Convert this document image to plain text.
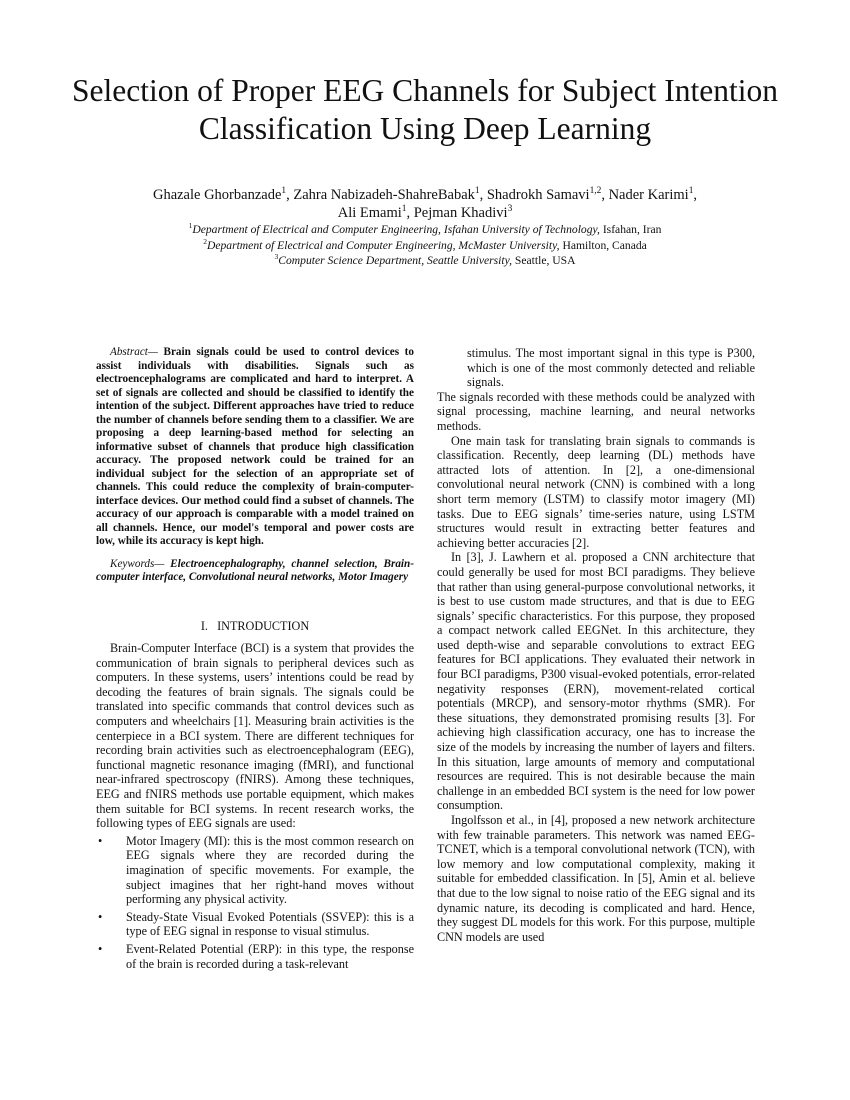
Selection of Proper EEG Channels for Subject Intention Classification Using Deep Learning
Ghazale Ghorbanzade$^1$, Zahra Nabizadeh-ShahreBabak$^1$, Shadrokh Samavi$^{1,2}$, Nader Karimi$^1$,
Ali Emami$^1$, Pejman Khadivi$^3$
$^1$Department of Electrical and Computer Engineering, Isfahan University of Technology, Isfahan, Iran
$^2$Department of Electrical and Computer Engineering, McMaster University, Hamilton, Canada
$^3$Computer Science Department, Seattle University, Seattle, USA

Abstract— Brain signals could be used to control devices to assist individuals with disabilities. Signals such as electroencephalograms are complicated and hard to interpret. A set of signals are collected and should be classified to identify the intention of the subject. Different approaches have tried to reduce the number of channels before sending them to a classifier. We are proposing a deep learning-based method for selecting an informative subset of channels that produce high classification accuracy. The proposed network could be trained for an individual subject for the selection of an appropriate set of channels. This could reduce the complexity of brain-computer-interface devices. Our method could find a subset of channels. The accuracy of our approach is comparable with a model trained on all channels. Hence, our model's temporal and power costs are low, while its accuracy is kept high.

Keywords— Electroencephalography, channel selection, Brain-computer interface, Convolutional neural networks, Motor Imagery

I. INTRODUCTION

Brain-Computer Interface (BCI) is a system that provides the communication of brain signals to peripheral devices such as computers. In these systems, users’ intentions could be read by decoding the features of brain signals. The signals could be translated into specific commands that control devices such as computers and wheelchairs [1]. Measuring brain activities is the centerpiece in a BCI system. There are different techniques for recording brain activities such as electroencephalogram (EEG), functional magnetic resonance imaging (fMRI), and functional near-infrared spectroscopy (fNIRS). Among these techniques, EEG and fNIRS methods use portable equipment, which makes them suitable for BCI systems. In recent research works, the following types of EEG signals are used:

• Motor Imagery (MI): this is the most common research on EEG signals where they are recorded during the imagination of specific movements. For example, the subject imagines that her right-hand moves without performing any physical activity.
• Steady-State Visual Evoked Potentials (SSVEP): this is a type of EEG signal in response to visual stimulus.
• Event-Related Potential (ERP): in this type, the response of the brain is recorded during a task-relevant

stimulus. The most important signal in this type is P300, which is one of the most commonly detected and reliable signals.

The signals recorded with these methods could be analyzed with signal processing, machine learning, and neural networks methods.

One main task for translating brain signals to commands is classification. Recently, deep learning (DL) methods have attracted lots of attention. In [2], a one-dimensional convolutional neural network (CNN) is combined with a long short term memory (LSTM) to classify motor imagery (MI) tasks. Due to EEG signals’ time-series nature, using LSTM structures would result in extracting better features and achieving better accuracies [2].

In [3], J. Lawhern et al. proposed a CNN architecture that could generally be used for most BCI paradigms. They believe that rather than using general-purpose convolutional networks, it is best to use custom made structures, and that is due to EEG signals’ specific characteristics. For this purpose, they proposed a compact network called EEGNet. In this architecture, they used depth-wise and separable convolutions to extract EEG features for BCI applications. They evaluated their network in four BCI paradigms, P300 visual-evoked potentials, error-related negativity responses (ERN), movement-related cortical potentials (MRCP), and sensory-motor rhythms (SMR). For these situations, they demonstrated promising results [3]. For achieving high classification accuracy, one has to increase the size of the models by increasing the number of layers and filters. In this situation, large amounts of memory and computational resources are required. This is not desirable because the main challenge in an embedded BCI system is the need for low power consumption.

Ingolfsson et al., in [4], proposed a new network architecture with few trainable parameters. This network was named EEG-TCNET, which is a temporal convolutional network (TCN), with low memory and low computational complexity, making it suitable for embedded classification. In [5], Amin et al. believe that due to the low signal to noise ratio of the EEG signal and its dynamic nature, its decoding is complicated and hard. Hence, they suggest DL models for this work. For this purpose, multiple CNN models are used
